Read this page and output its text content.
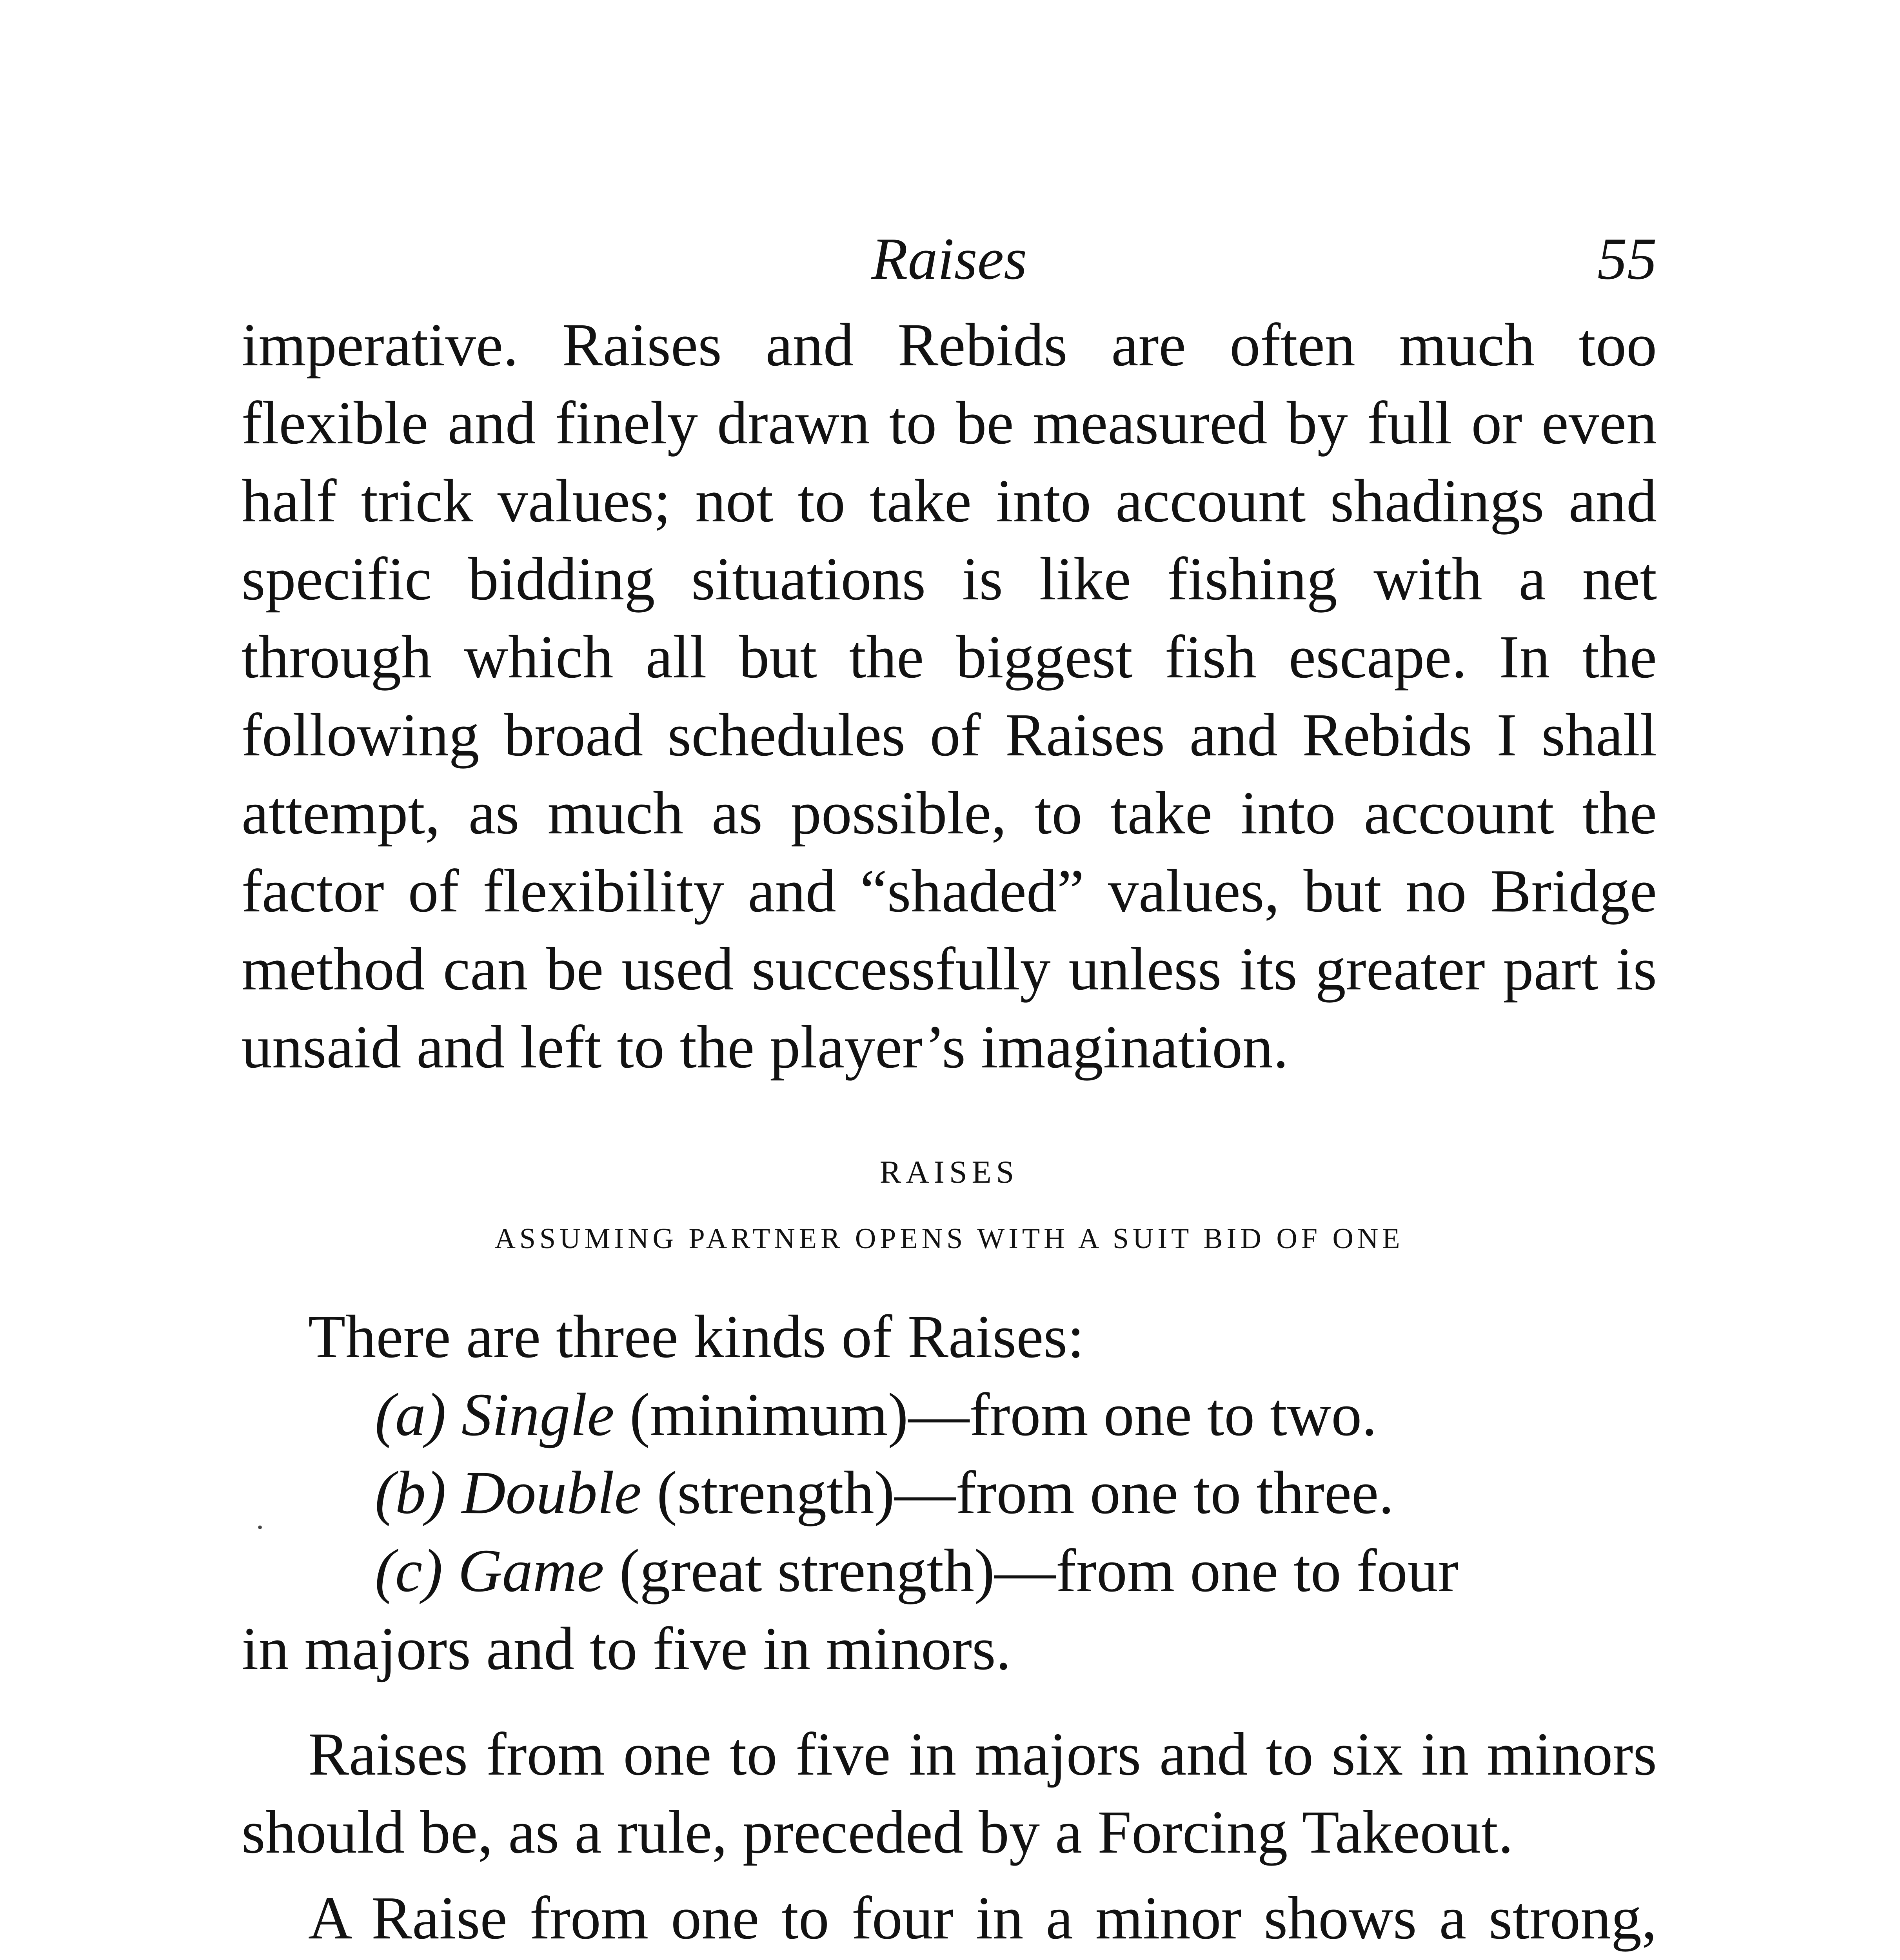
Raises	55

imperative. Raises and Rebids are often much too flexible and finely drawn to be measured by full or even half trick values; not to take into account shadings and specific bidding situations is like fishing with a net through which all but the biggest fish escape. In the following broad schedules of Raises and Rebids I shall attempt, as much as possible, to take into account the factor of flexibility and “shaded” values, but no Bridge method can be used successfully unless its greater part is unsaid and left to the player’s imagination.

RAISES

ASSUMING PARTNER OPENS WITH A SUIT BID OF ONE

There are three kinds of Raises:

(a) Single (minimum)—from one to two.

(b) Double (strength)—from one to three.

(c) Game (great strength)—from one to four

in majors and to five in minors.

Raises from one to five in majors and to six in minors should be, as a rule, preceded by a Forcing Takeout.

A Raise from one to four in a minor shows a strong,

˙
